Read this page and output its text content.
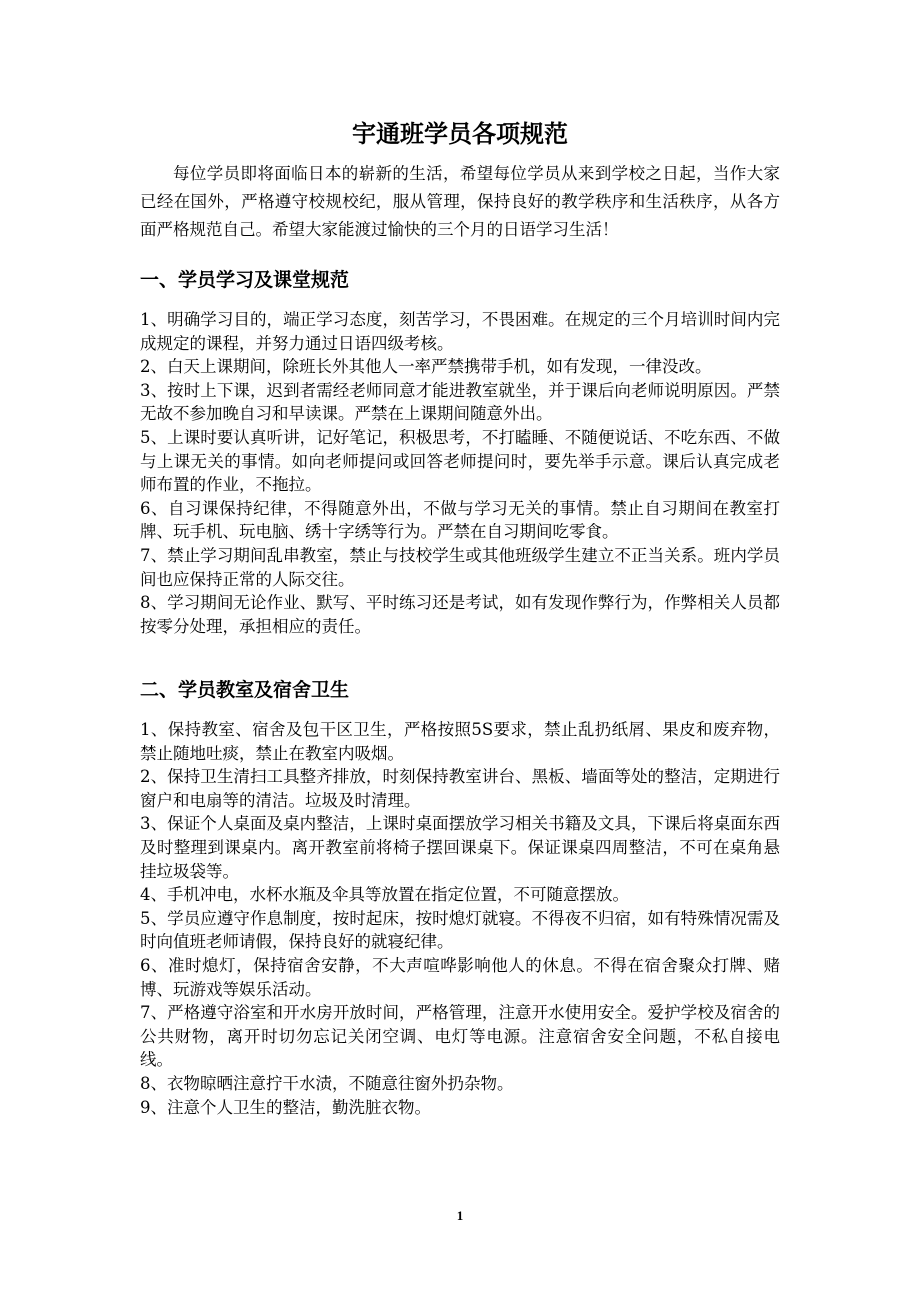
宇通班学员各项规范

每位学员即将面临日本的崭新的生活，希望每位学员从来到学校之日起，当作大家已经在国外，严格遵守校规校纪，服从管理，保持良好的教学秩序和生活秩序，从各方面严格规范自己。希望大家能渡过愉快的三个月的日语学习生活！

一、学员学习及课堂规范

1、明确学习目的，端正学习态度，刻苦学习，不畏困难。在规定的三个月培训时间内完成规定的课程，并努力通过日语四级考核。

2、白天上课期间，除班长外其他人一率严禁携带手机，如有发现，一律没改。

3、按时上下课，迟到者需经老师同意才能进教室就坐，并于课后向老师说明原因。严禁无故不参加晚自习和早读课。严禁在上课期间随意外出。

5、上课时要认真听讲，记好笔记，积极思考，不打瞌睡、不随便说话、不吃东西、不做与上课无关的事情。如向老师提问或回答老师提问时，要先举手示意。课后认真完成老师布置的作业，不拖拉。

6、自习课保持纪律，不得随意外出，不做与学习无关的事情。禁止自习期间在教室打牌、玩手机、玩电脑、绣十字绣等行为。严禁在自习期间吃零食。

7、禁止学习期间乱串教室，禁止与技校学生或其他班级学生建立不正当关系。班内学员间也应保持正常的人际交往。

8、学习期间无论作业、默写、平时练习还是考试，如有发现作弊行为，作弊相关人员都按零分处理，承担相应的责任。

二、学员教室及宿舍卫生

1、保持教室、宿舍及包干区卫生，严格按照5S要求，禁止乱扔纸屑、果皮和废弃物，禁止随地吐痰，禁止在教室内吸烟。

2、保持卫生清扫工具整齐排放，时刻保持教室讲台、黑板、墙面等处的整洁，定期进行窗户和电扇等的清洁。垃圾及时清理。

3、保证个人桌面及桌内整洁，上课时桌面摆放学习相关书籍及文具，下课后将桌面东西及时整理到课桌内。离开教室前将椅子摆回课桌下。保证课桌四周整洁，不可在桌角悬挂垃圾袋等。

4、手机冲电，水杯水瓶及伞具等放置在指定位置，不可随意摆放。

5、学员应遵守作息制度，按时起床，按时熄灯就寝。不得夜不归宿，如有特殊情况需及时向值班老师请假，保持良好的就寝纪律。

6、准时熄灯，保持宿舍安静，不大声喧哗影响他人的休息。不得在宿舍聚众打牌、赌博、玩游戏等娱乐活动。

7、严格遵守浴室和开水房开放时间，严格管理，注意开水使用安全。爱护学校及宿舍的公共财物，离开时切勿忘记关闭空调、电灯等电源。注意宿舍安全问题，不私自接电线。

8、衣物晾晒注意拧干水渍，不随意往窗外扔杂物。

9、注意个人卫生的整洁，勤洗脏衣物。

1
